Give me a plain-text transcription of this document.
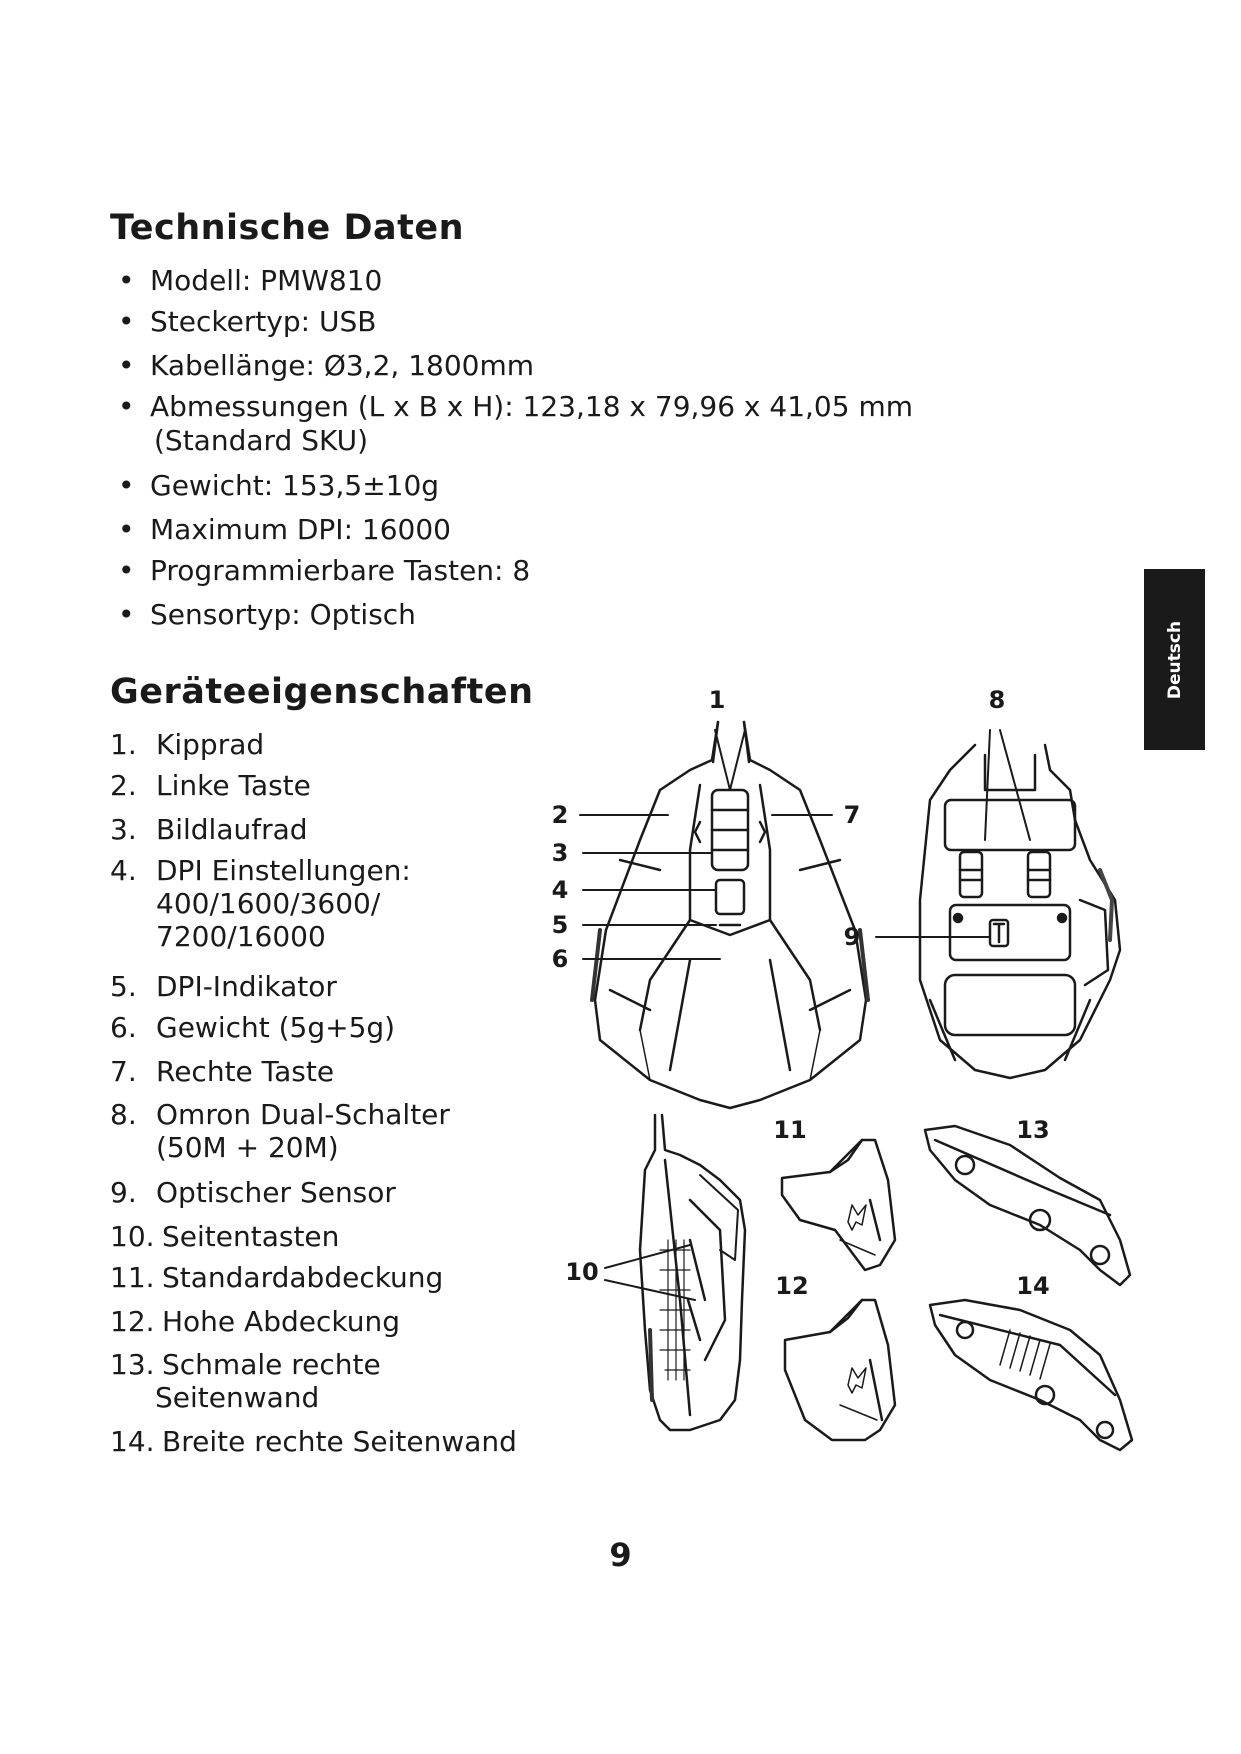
Technische Daten
• Modell: PMW810
• Steckertyp: USB
• Kabellänge: Ø3,2, 1800mm
• Abmessungen (L x B x H): 123,18 x 79,96 x 41,05 mm
(Standard SKU)
• Gewicht: 153,5±10g
• Maximum DPI: 16000
• Programmierbare Tasten: 8
• Sensortyp: Optisch
Geräteeigenschaften
1. Kipprad
2. Linke Taste
3. Bildlaufrad
4. DPI Einstellungen:
400/1600/3600/
7200/16000
5. DPI-Indikator
6. Gewicht (5g+5g)
7. Rechte Taste
8. Omron Dual-Schalter
(50M + 20M)
9. Optischer Sensor
10. Seitentasten
11. Standardabdeckung
12. Hohe Abdeckung
13. Schmale rechte
Seitenwand
14. Breite rechte Seitenwand
1
2
3
4
5
6
7
8
9
10
11
12
13
14
Deutsch
9
